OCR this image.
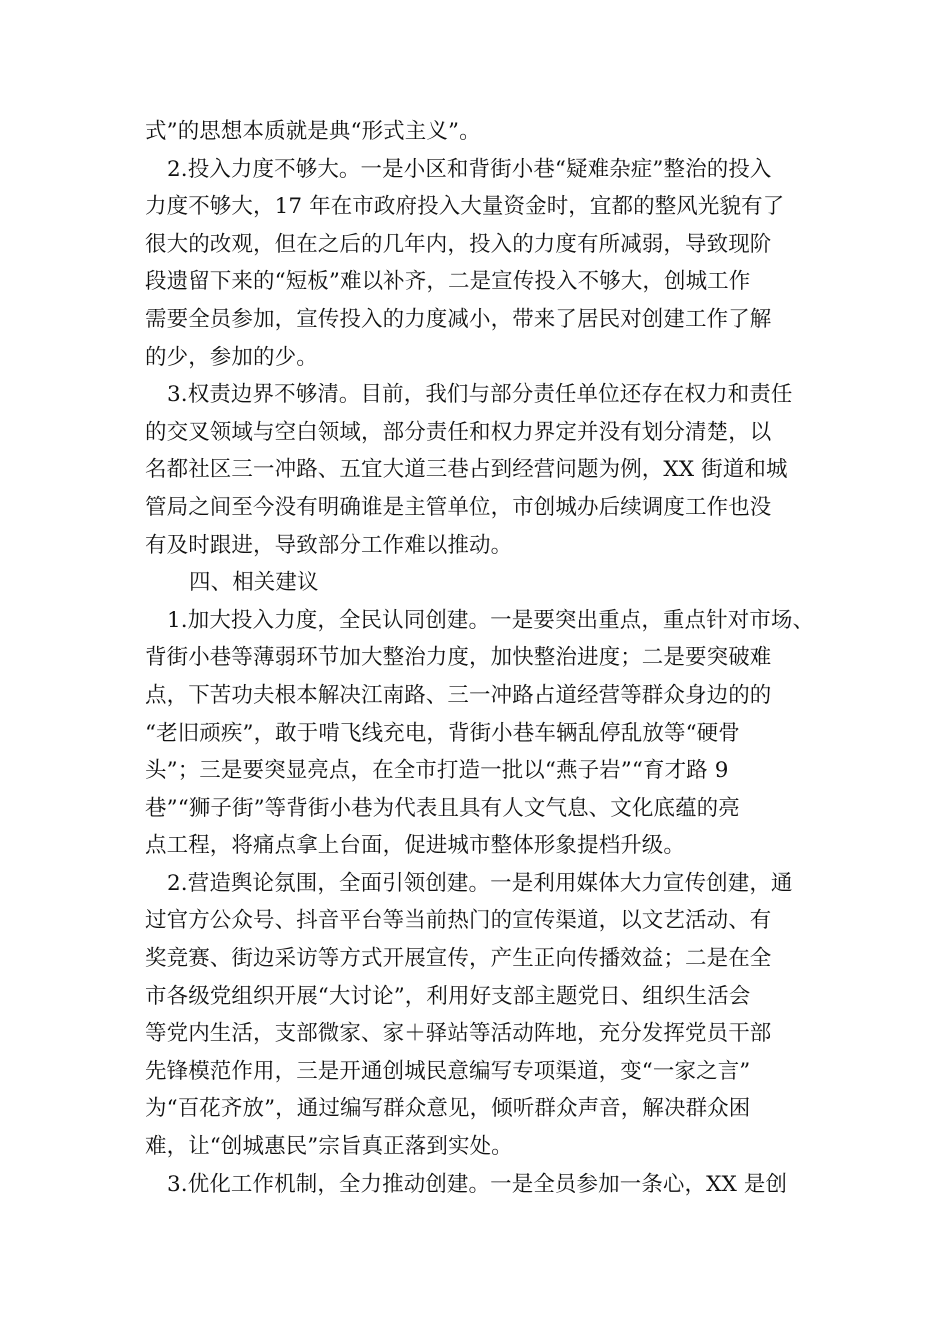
式”的思想本质就是典“形式主义”。
2.投入力度不够大。一是小区和背街小巷“疑难杂症”整治的投入
力度不够大，17 年在市政府投入大量资金时，宜都的整风光貌有了
很大的改观，但在之后的几年内，投入的力度有所减弱，导致现阶
段遗留下来的“短板”难以补齐，二是宣传投入不够大，创城工作
需要全员参加，宣传投入的力度减小，带来了居民对创建工作了解
的少，参加的少。
3.权责边界不够清。目前，我们与部分责任单位还存在权力和责任
的交叉领域与空白领域，部分责任和权力界定并没有划分清楚，以
名都社区三一冲路、五宜大道三巷占到经营问题为例，XX 街道和城
管局之间至今没有明确谁是主管单位，市创城办后续调度工作也没
有及时跟进，导致部分工作难以推动。
四、相关建议
1.加大投入力度，全民认同创建。一是要突出重点，重点针对市场、
背街小巷等薄弱环节加大整治力度，加快整治进度；二是要突破难
点，下苦功夫根本解决江南路、三一冲路占道经营等群众身边的的
“老旧顽疾”，敢于啃飞线充电，背街小巷车辆乱停乱放等“硬骨
头”；三是要突显亮点，在全市打造一批以“燕子岩”“育才路 9
巷”“狮子街”等背街小巷为代表且具有人文气息、文化底蕴的亮
点工程，将痛点拿上台面，促进城市整体形象提档升级。
2.营造舆论氛围，全面引领创建。一是利用媒体大力宣传创建，通
过官方公众号、抖音平台等当前热门的宣传渠道，以文艺活动、有
奖竞赛、街边采访等方式开展宣传，产生正向传播效益；二是在全
市各级党组织开展“大讨论”，利用好支部主题党日、组织生活会
等党内生活，支部微家、家＋驿站等活动阵地，充分发挥党员干部
先锋模范作用，三是开通创城民意编写专项渠道，变“一家之言”
为“百花齐放”，通过编写群众意见，倾听群众声音，解决群众困
难，让“创城惠民”宗旨真正落到实处。
3.优化工作机制，全力推动创建。一是全员参加一条心，XX 是创
